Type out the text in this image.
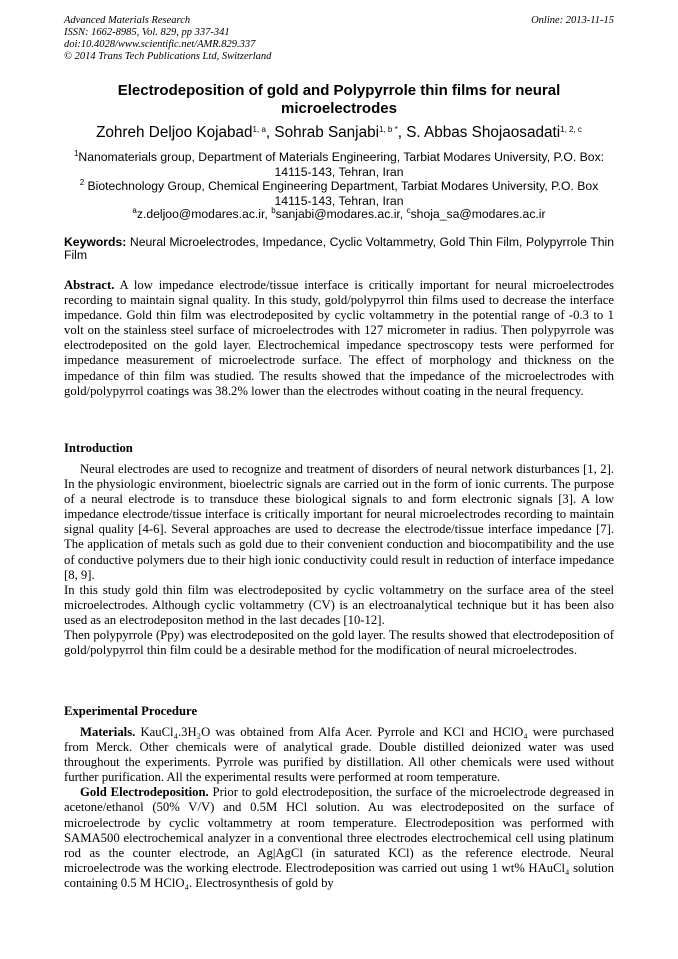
Advanced Materials Research
ISSN: 1662-8985, Vol. 829, pp 337-341
doi:10.4028/www.scientific.net/AMR.829.337
© 2014 Trans Tech Publications Ltd, Switzerland
Online: 2013-11-15
Electrodeposition of gold and Polypyrrole thin films for neural microelectrodes
Zohreh Deljoo Kojabad$^{1, a}$, Sohrab Sanjabi$^{1, b *}$, S. Abbas Shojaosadati$^{1, 2, c}$
$^1$Nanomaterials group, Department of Materials Engineering, Tarbiat Modares University, P.O. Box: 14115-143, Tehran, Iran
$^2$ Biotechnology Group, Chemical Engineering Department, Tarbiat Modares University, P.O. Box 14115-143, Tehran, Iran
$^a$z.deljoo@modares.ac.ir, $^b$sanjabi@modares.ac.ir, $^c$shoja_sa@modares.ac.ir
Keywords: Neural Microelectrodes, Impedance, Cyclic Voltammetry, Gold Thin Film, Polypyrrole Thin Film
Abstract. A low impedance electrode/tissue interface is critically important for neural microelectrodes recording to maintain signal quality. In this study, gold/polypyrrol thin films used to decrease the interface impedance. Gold thin film was electrodeposited by cyclic voltammetry in the potential range of -0.3 to 1 volt on the stainless steel surface of microelectrodes with 127 micrometer in radius. Then polypyrrole was electrodeposited on the gold layer. Electrochemical impedance spectroscopy tests were performed for impedance measurement of microelectrode surface. The effect of morphology and thickness on the impedance of thin film was studied. The results showed that the impedance of the microelectrodes with gold/polypyrrol coatings was 38.2% lower than the electrodes without coating in the neural frequency.
Introduction

Neural electrodes are used to recognize and treatment of disorders of neural network disturbances [1, 2]. In the physiologic environment, bioelectric signals are carried out in the form of ionic currents. The purpose of a neural electrode is to transduce these biological signals to and form electronic signals [3]. A low impedance electrode/tissue interface is critically important for neural microelectrodes recording to maintain signal quality [4-6]. Several approaches are used to decrease the electrode/tissue interface impedance [7]. The application of metals such as gold due to their convenient conduction and biocompatibility and the use of conductive polymers due to their high ionic conductivity could result in reduction of interface impedance [8, 9].

In this study gold thin film was electrodeposited by cyclic voltammetry on the surface area of the steel microelectrodes. Although cyclic voltammetry (CV) is an electroanalytical technique but it has been also used as an electrodepositon method in the last decades [10-12].

Then polypyrrole (Ppy) was electrodeposited on the gold layer. The results showed that electrodeposition of gold/polypyrrol thin film could be a desirable method for the modification of neural microelectrodes.

Experimental Procedure

Materials. KauCl₄.3H₂O was obtained from Alfa Acer. Pyrrole and KCl and HClO₄ were purchased from Merck. Other chemicals were of analytical grade. Double distilled deionized water was used throughout the experiments. Pyrrole was purified by distillation. All other chemicals were used without further purification. All the experimental results were performed at room temperature.

Gold Electrodeposition. Prior to gold electrodeposition, the surface of the microelectrode degreased in acetone/ethanol (50% V/V) and 0.5M HCl solution. Au was electrodeposited on the surface of microelectrode by cyclic voltammetry at room temperature. Electrodeposition was performed with SAMA500 electrochemical analyzer in a conventional three electrodes electrochemical cell using platinum rod as the counter electrode, an Ag|AgCl (in saturated KCl) as the reference electrode. Neural microelectrode was the working electrode. Electrodeposition was carried out using 1 wt% HAuCl₄ solution containing 0.5 M HClO₄. Electrosynthesis of gold by
